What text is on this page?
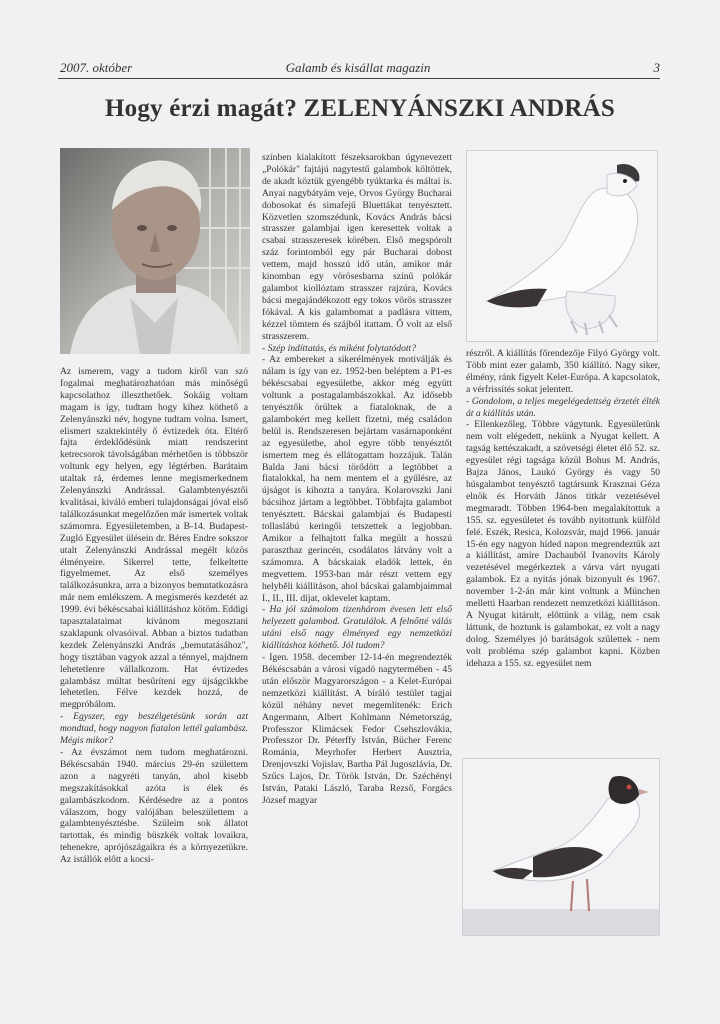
2007. október	Galamb és kisállat magazin	3
Hogy érzi magát? ZELENYÁNSZKI ANDRÁS

Az ismerem, vagy a tudom kiről van szó fogalmai meghatározhatóan más minőségű kapcsolathoz illeszthetőek. Sokáig voltam magam is így, tudtam hogy kihez köthető a Zelenyánszki név, hogyne tudtam volna. Ismert, elismert szaktekintély ő évtizedek óta. Eltérő fajta érdeklődésünk miatt rendszerint ketrecsorok távolságában mérhetően is többször voltunk egy helyen, egy légtérben. Barátaim utaltak rá, érdemes lenne megismerkednem Zelenyánszki Andrással. Galambtenyésztői kvalitásai, kiváló emberi tulajdonságai jóval első találkozásunkat megelőzően már ismertek voltak számomra. Egyesületemben, a B-14. Budapest-Zugló Egyesület ülésein dr. Béres Endre sokszor utalt Zelenyánszki Andrással megélt közös élményeire. Sikerrel tette, felkeltette figyelmemet. Az első személyes találkozásunkra, arra a bizonyos bemutatkozásra már nem emlékszem. A megismerés kezdetét az 1999. évi békéscsabai kiállításhoz kötöm. Eddigi tapasztalataimat kívánom megosztani szaklapunk olvasóival. Abban a biztos tudatban kezdek Zelenyánszki András „bemutatásához", hogy tisztában vagyok azzal a ténnyel, majdnem lehetetlenre vállalkozom. Hat évtizedes galambász múltat besűríteni egy újságcikkbe lehetetlen. Félve kezdek hozzá, de megpróbálom.

- Egyszer, egy beszélgetésünk során azt mondtad, hogy nagyon fiatalon lettél galambász. Mégis mikor?

- Az évszámot nem tudom meghatározni. Békéscsabán 1940. március 29-én születtem azon a nagyréti tanyán, ahol kisebb megszakításokkal azóta is élek és galambászkodom. Kérdésedre az a pontos válaszom, hogy valójában beleszülettem a galambtenyésztésbe. Szüleim sok állatot tartottak, és mindig büszkék voltak lovaikra, tehenekre, aprójószágaikra és a környezetükre. Az istállók előtt a kocsi-

színben kialakított fészeksarokban úgynevezett „Polókár" fajtájú nagytestű galambok költöttek, de akadt köztük gyengébb tyúktarka és máltai is. Anyai nagybátyám veje, Orvos György Bucharai dobosokat és simafejű Bluettákat tenyésztett. Közvetlen szomszédunk, Kovács András bácsi strasszer galambjai igen keresettek voltak a csabai strasszeresek körében. Első megspórolt száz forintomból egy pár Bucharai dobost vettem, majd hosszú idő után, amikor már kinomban egy vörösesbarna színű polókár galambot kiollóztam strasszer rajzúra, Kovács bácsi megajándékozott egy tokos vörös strasszer fókával. A kis galambomat a padlásra vittem, kézzel tömtem és szájból itattam. Ő volt az első strasszerem.

- Szép indíttatás, és miként folytatódott?

- Az embereket a sikerélmények motiválják és nálam is így van ez. 1952-ben beléptem a P1-es békéscsabai egyesületbe, akkor még együtt voltunk a postagalambászokkal. Az idősebb tenyésztők örültek a fiataloknak, de a galambokért meg kellett fizetni, még családon belül is. Rendszeresen bejártam vasárnaponként az egyesületbe, ahol egyre több tenyésztőt ismertem meg és ellátogattam hozzájuk. Talán Balda Jani bácsi törődött a legtöbbet a fiatalokkal, ha nem mentem el a gyűlésre, az újságot is kihozta a tanyára. Kolarovszki Jani bácsihoz jártam a legtöbbet. Többfajta galambot tenyésztett. Bácskai galambjai és Budapesti tollaslábú keringői tetszettek a legjobban. Amikor a felhajtott falka megült a hosszú paraszthaz gerincén, csodálatos látvány volt a számomra. A bácskaiak eladók lettek, én megvettem. 1953-ban már részt vettem egy helyběli kiállításon, ahol bácskai galambjaimmal I., II., III. díjat, oklevelet kaptam.

- Ha jól számolom tizenhárom évesen lett első helyezett galambod. Gratulálok. A felnőtté válás utáni első nagy élményed egy nemzetközi kiállításhoz köthető. Jól tudom?

- Igen. 1958. december 12-14-én megrendezték Békéscsabán a városi vígadó nagytermében - 45 után először Magyarországon - a Kelet-Európai nemzetközi kiállítást. A bíráló testület tagjai közül néhány nevet megemlítenék: Erich Angermann, Albert Kohlmann Németország, Professzor Klimácsek Fedor Csehszlovákia, Professzor Dr. Péterffy István, Bücher Ferenc Románia, Meyrhofer Herbert Ausztria, Drenjovszki Vojislav, Bartha Pál Jugoszlávia, Dr. Szűcs Lajos, Dr. Török István, Dr. Széchényi István, Pataki László, Taraba Rezső, Forgács József magyar

részről. A kiállítás főrendezője Filyó György volt. Több mint ezer galamb, 350 kiállító. Nagy siker, élmény, ránk figyelt Kelet-Európa. A kapcsolatok, a vérfrissítés sokat jelentett.

- Gondolom, a teljes megelégedettség érzetét élték át a kiállítás után.

- Ellenkezőleg. Többre vágytunk. Egyesületünk nem volt elégedett, nekünk a Nyugat kellett. A tagság kettészakadt, a szövetségi életet élő 52. sz. egyesület régi tagsága közül Bohus M. András, Bajza János, Laukó György és vagy 50 húsgalambot tenyésztő tagtársunk Krasznai Géza elnök és Horváth János titkár vezetésével megmaradt. Többen 1964-ben megalakítottuk a 155. sz. egyesületet és tovább nyitottunk külföld felé. Eszék, Resica, Kolozsvár, majd 1966. január 15-én egy nagyon híded napon megrendeztük azt a kiállítást, amire Dachauból Ivanovits Károly vezetésével megérkeztek a várva várt nyugati galambok. Ez a nyitás jónak bizonyult és 1967. november 1-2-án már kint voltunk a München melletti Haarban rendezett nemzetközi kiállításon. A Nyugat kitárult, előttünk a világ, nem csak láttunk, de hoztunk is galambokat, ez volt a nagy dolog. Személyes jó barátságok születtek - nem volt probléma szép galambot kapni. Közben idehaza a 155. sz. egyesület nem
